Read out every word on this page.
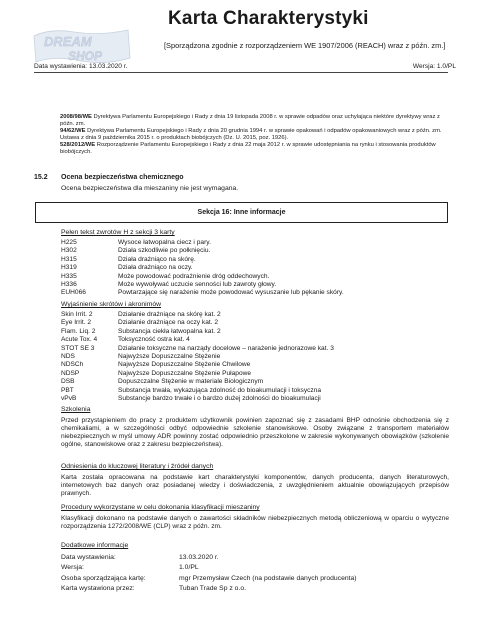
DREAM
SHOP
Karta Charakterystyki
[Sporządzona zgodnie z rozporządzeniem WE 1907/2006 (REACH) wraz z późn. zm.]
Data wystawienia: 13.03.2020 r.	Wersja: 1.0/PL
2008/98/WE Dyrektywa Parlamentu Europejskiego i Rady z dnia 19 listopada 2008 r. w sprawie odpadów oraz uchylająca niektóre dyrektywy wraz z późn. zm.
94/62/WE Dyrektywa Parlamentu Europejskiego i Rady z dnia 20 grudnia 1994 r. w sprawie opakowań i odpadów opakowaniowych wraz z późn. zm.
Ustawa z dnia 9 października 2015 r. o produktach biobójczych (Dz. U. 2015, poz. 1926).
528/2012/WE Rozporządzenie Parlamentu Europejskiego i Rady z dnia 22 maja 2012 r. w sprawie udostępniania na rynku i stosowania produktów biobójczych.
15.2 Ocena bezpieczeństwa chemicznego
Ocena bezpieczeństwa dla mieszaniny nie jest wymagana.
Sekcja 16: Inne informacje
Pełen tekst zwrotów H z sekcji 3 karty
H225	Wysoce łatwopalna ciecz i pary.
H302	Działa szkodliwie po połknięciu.
H315	Działa drażniąco na skórę.
H319	Działa drażniąco na oczy.
H335	Może powodować podrażnienie dróg oddechowych.
H336	Może wywoływać uczucie senności lub zawroty głowy.
EUH066	Powtarzające się narażenie może powodować wysuszanie lub pękanie skóry.
Wyjaśnienie skrótów i akronimów
Skin Irrit. 2	Działanie drażniące na skórę kat. 2
Eye Irrit. 2	Działanie drażniące na oczy kat. 2
Flam. Liq. 2	Substancja ciekła łatwopalna kat. 2
Acute Tox. 4	Toksyczność ostra kat. 4
STOT SE 3	Działanie toksyczne na narządy docelowe – narażenie jednorazowe kat. 3
NDS	Najwyższe Dopuszczalne Stężenie
NDSCh	Najwyższe Dopuszczalne Stężenie Chwilowe
NDSP	Najwyższe Dopuszczalne Stężenie Pułapowe
DSB	Dopuszczalne Stężenie w materiale Biologicznym
PBT	Substancja trwała, wykazująca zdolność do bioakumulacji i toksyczna
vPvB	Substancje bardzo trwałe i o bardzo dużej zdolności do bioakumulacji
Szkolenia
Przed przystąpieniem do pracy z produktem użytkownik powinien zapoznać się z zasadami BHP odnośnie obchodzenia się z chemikaliami, a w szczególności odbyć odpowiednie szkolenie stanowiskowe. Osoby związane z transportem materiałów niebezpiecznych w myśl umowy ADR powinny zostać odpowiednio przeszkolone w zakresie wykonywanych obowiązków (szkolenie ogólne, stanowiskowe oraz z zakresu bezpieczeństwa).
Odniesienia do kluczowej literatury i źródeł danych
Karta została opracowana na podstawie kart charakterystyki komponentów, danych producenta, danych literaturowych, internetowych baz danych oraz posiadanej wiedzy i doświadczenia, z uwzględnieniem aktualnie obowiązujących przepisów prawnych.
Procedury wykorzystane w celu dokonania klasyfikacji mieszaniny
Klasyfikacji dokonano na podstawie danych o zawartości składników niebezpiecznych metodą obliczeniową w oparciu o wytyczne rozporządzenia 1272/2008/WE (CLP) wraz z późn. zm.
Dodatkowe informacje
Data wystawienia:	13.03.2020 r.
Wersja:	1.0/PL
Osoba sporządzająca kartę:	mgr Przemysław Czech (na podstawie danych producenta)
Karta wystawiona przez:	Tuban Trade Sp z o.o.
